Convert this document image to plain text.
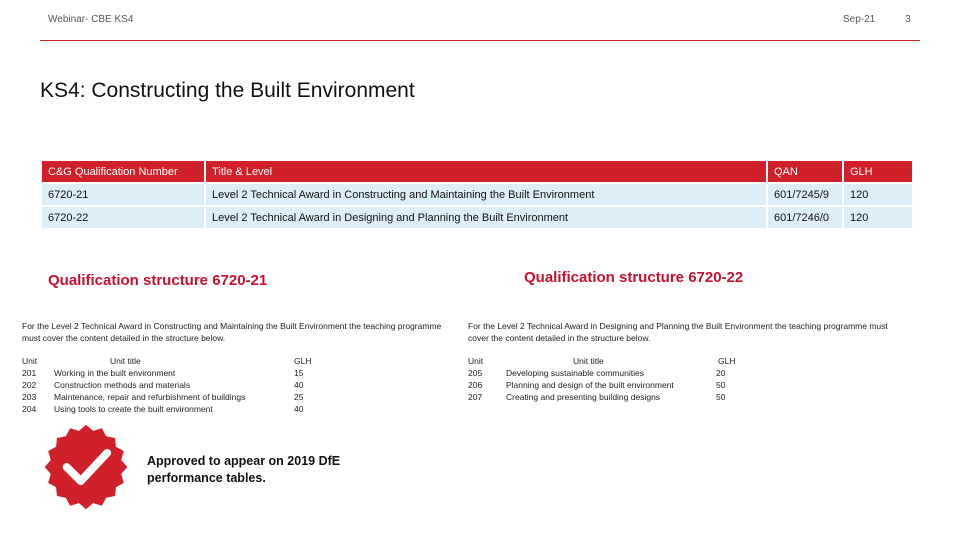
Webinar- CBE KS4	Sep-21	3
KS4: Constructing the Built Environment
C&G Qualification Number	Title & Level	QAN	GLH
6720-21	Level 2 Technical Award in Constructing and Maintaining the Built Environment	601/7245/9	120
6720-22	Level 2 Technical Award in Designing and Planning the Built Environment	601/7246/0	120
Qualification structure 6720-21
For the Level 2 Technical Award in Constructing and Maintaining the Built Environment the teaching programme must cover the content detailed in the structure below.
Unit	Unit title	GLH
201	Working in the built environment	15
202	Construction methods and materials	40
203	Maintenance, repair and refurbishment of buildings	25
204	Using tools to create the built environment	40
Qualification structure 6720-22
For the Level 2 Technical Award in Designing and Planning the Built Environment the teaching programme must cover the content detailed in the structure below.
Unit	Unit title	GLH
205	Developing sustainable communities	20
206	Planning and design of the built environment	50
207	Creating and presenting building designs	50
Approved to appear on 2019 DfE performance tables.
